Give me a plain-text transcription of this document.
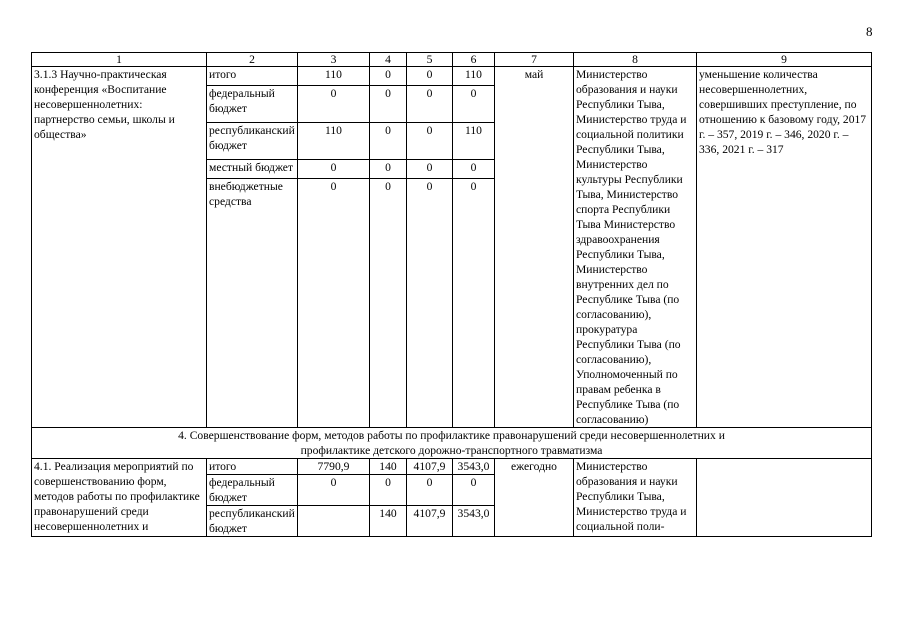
8
1	2	3	4	5	6	7	8	9
3.1.3 Научно-практическая конференция «Воспитание несовершеннолетних: партнерство семьи, школы и общества»	итого	110	0	0	110	май	Министерство образования и науки Республики Тыва, Министерство труда и социальной политики Республики Тыва, Министерство культуры Республики Тыва, Министерство спорта Республики Тыва Министерство здравоохранения Республики Тыва, Министерство внутренних дел по Республике Тыва (по согласованию), прокуратура Республики Тыва (по согласованию), Уполномоченный по правам ребенка в Республике Тыва (по согласованию)	уменьшение количества несовершеннолетних, совершивших преступление, по отношению к базовому году, 2017 г. – 357, 2019 г. – 346, 2020 г. – 336, 2021 г. – 317
	федеральный бюджет	0	0	0	0			
	республиканский бюджет	110	0	0	110			
	местный бюджет	0	0	0	0			
	внебюджетные средства	0	0	0	0			
4. Совершенствование форм, методов работы по профилактике правонарушений среди несовершеннолетних и профилактике детского дорожно-транспортного травматизма								
4.1. Реализация мероприятий по совершенствованию форм, методов работы по профилактике правонарушений среди несовершеннолетних и	итого	7790,9	140	4107,9	3543,0	ежегодно	Министерство образования и науки Республики Тыва, Министерство труда и социальной поли-	
	федеральный бюджет	0	0	0	0			
	республиканский бюджет		140	4107,9	3543,0			
